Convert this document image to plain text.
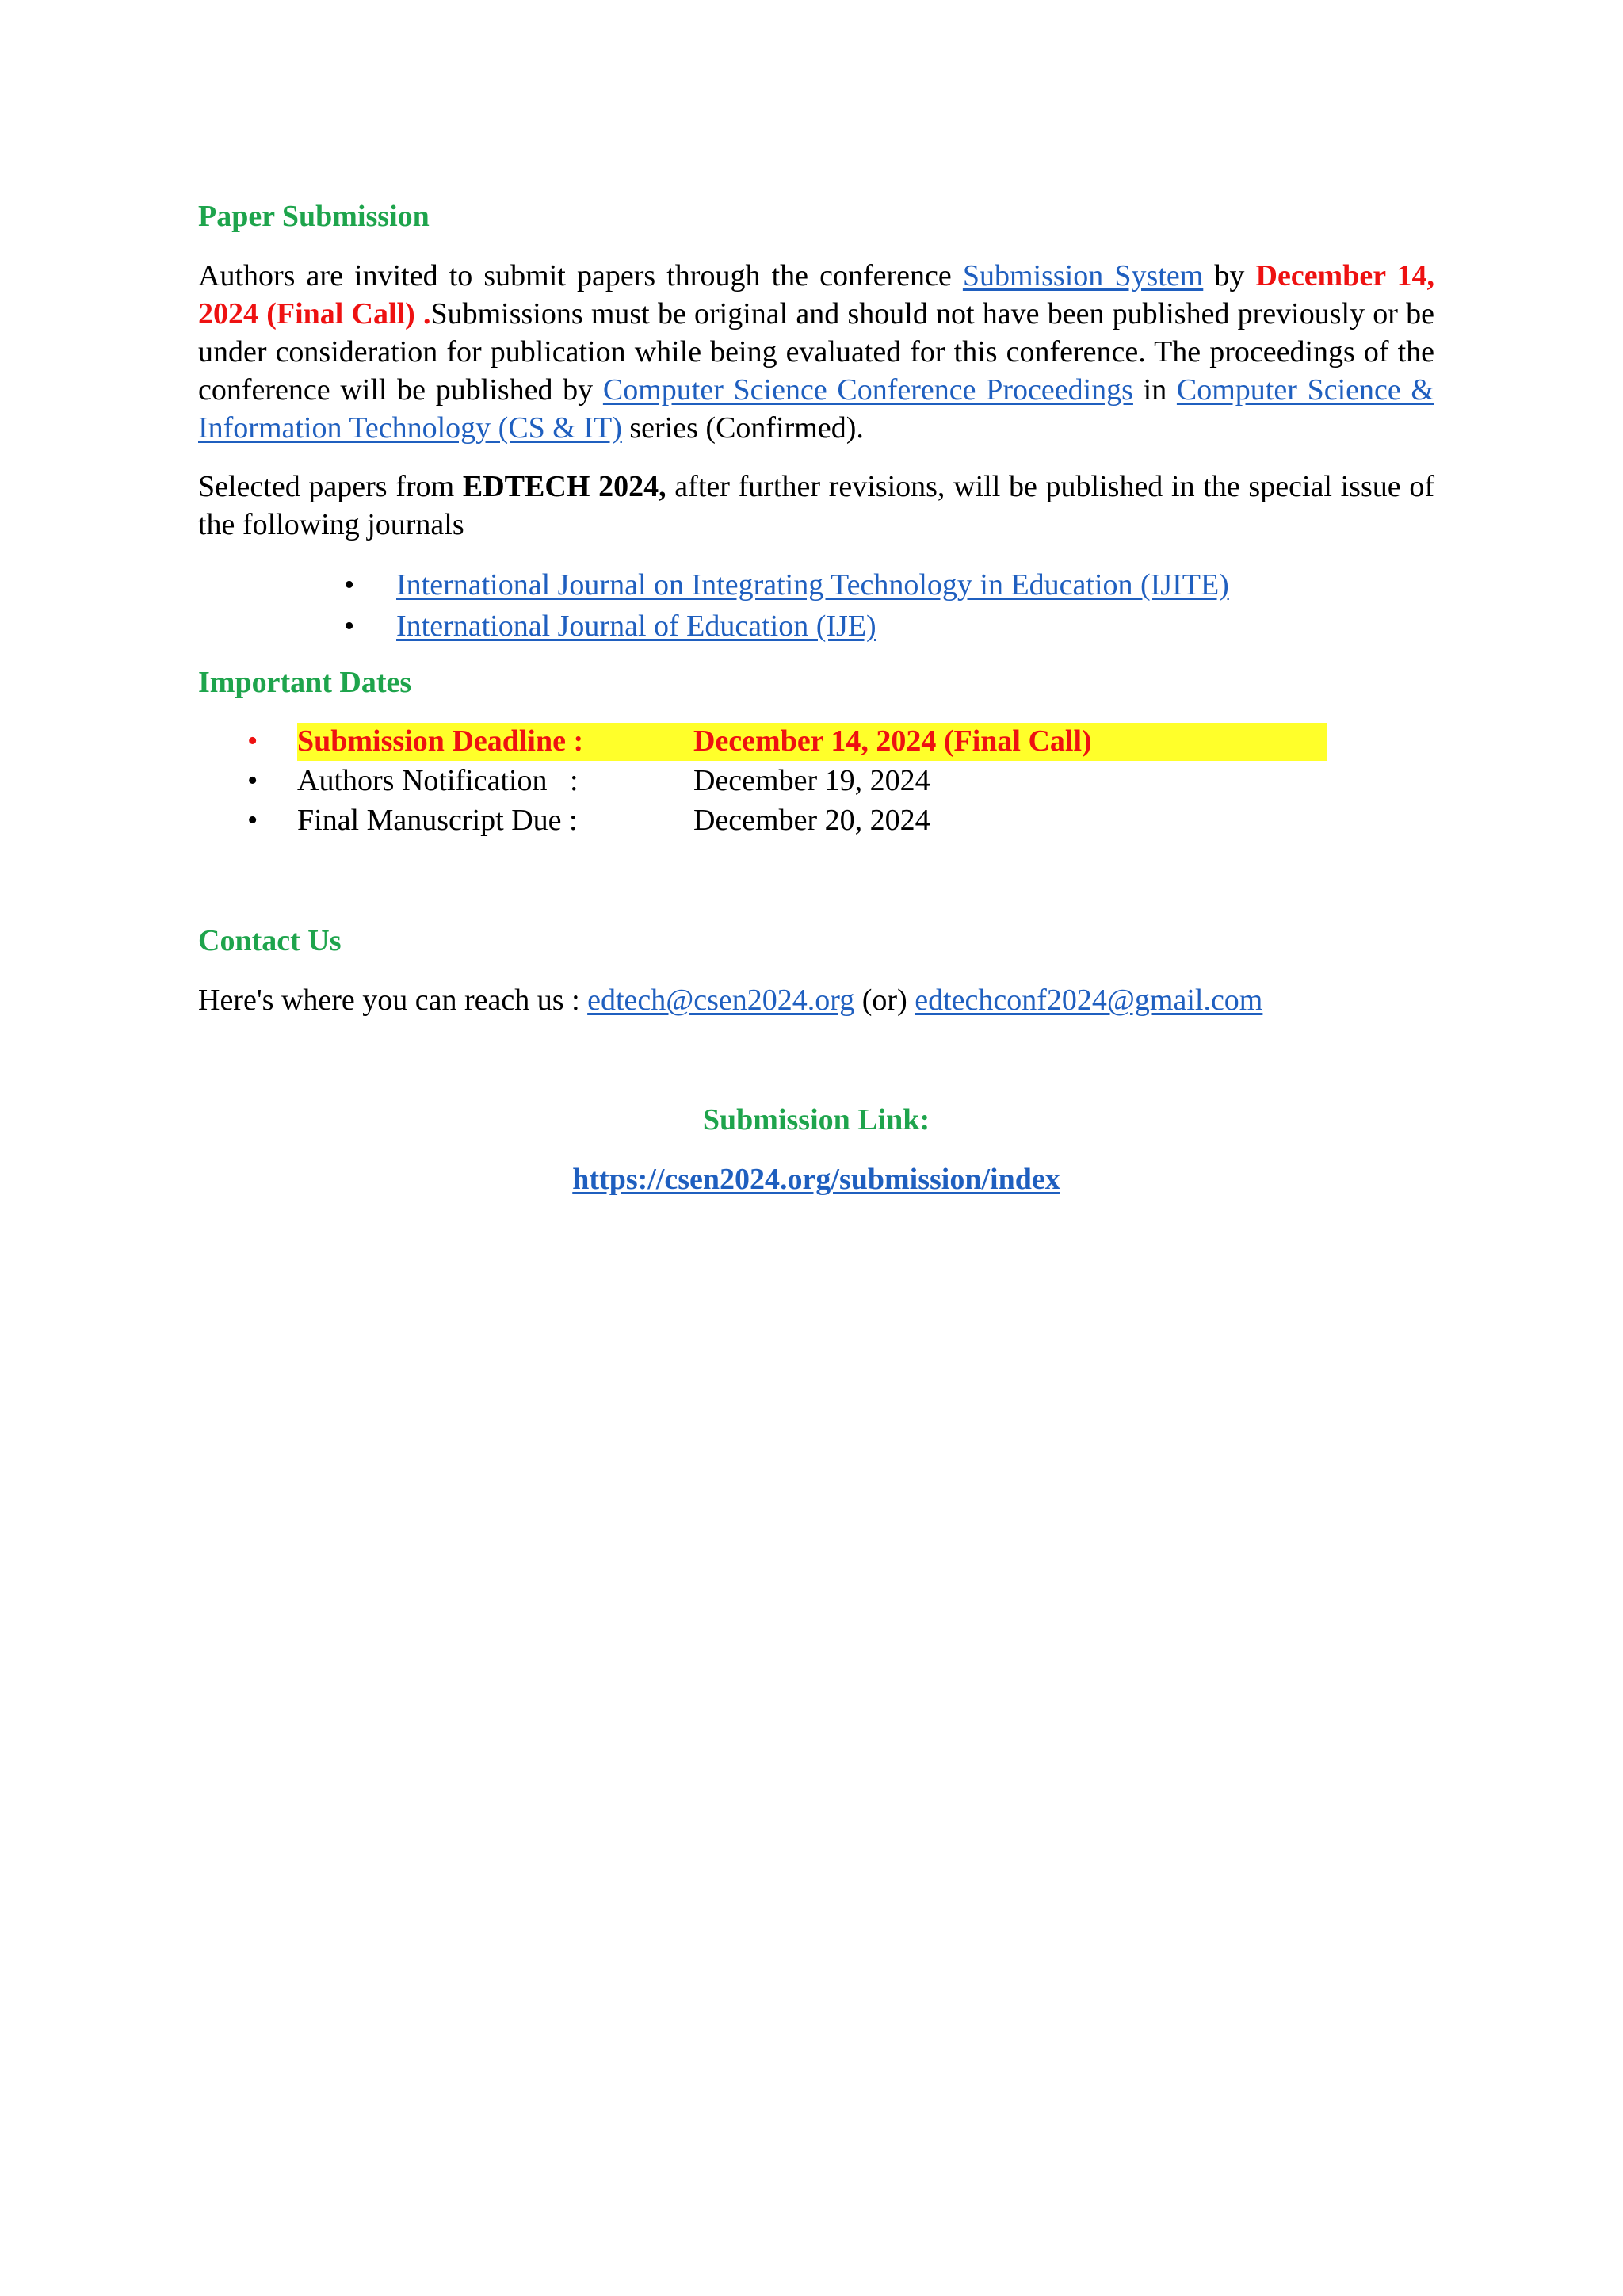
Paper Submission

Authors are invited to submit papers through the conference Submission System by December 14, 2024 (Final Call) .Submissions must be original and should not have been published previously or be under consideration for publication while being evaluated for this conference. The proceedings of the conference will be published by Computer Science Conference Proceedings in Computer Science & Information Technology (CS & IT) series (Confirmed).

Selected papers from EDTECH 2024, after further revisions, will be published in the special issue of the following journals

• International Journal on Integrating Technology in Education (IJITE)
• International Journal of Education (IJE)
Important Dates
• Submission Deadline :	December 14, 2024 (Final Call)
• Authors Notification   :	December 19, 2024
• Final Manuscript Due :	December 20, 2024
Contact Us

Here's where you can reach us : edtech@csen2024.org (or) edtechconf2024@gmail.com

Submission Link:

https://csen2024.org/submission/index
